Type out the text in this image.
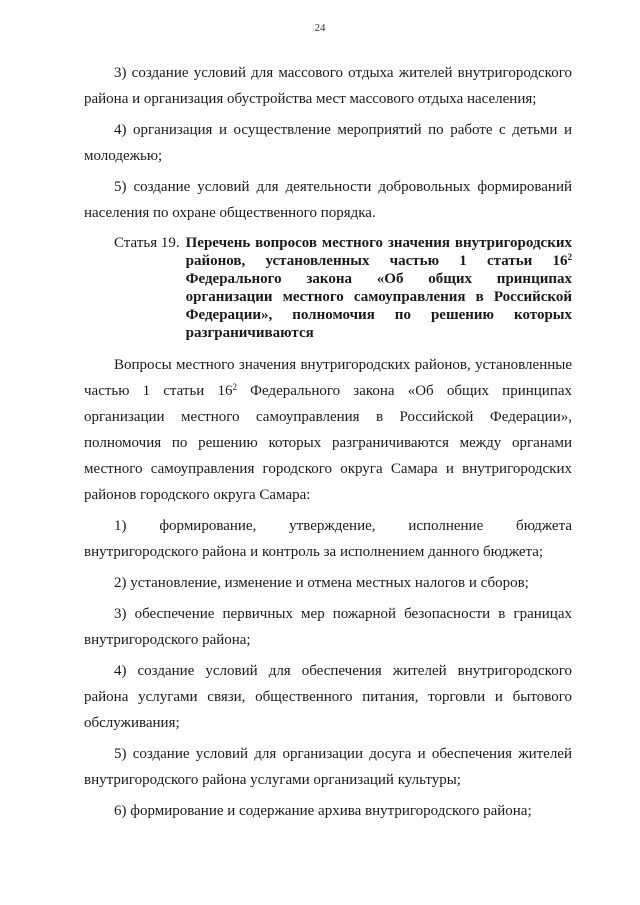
24

3) создание условий для массового отдыха жителей внутригородского района и организация обустройства мест массового отдыха населения;

4) организация и осуществление мероприятий по работе с детьми и молодежью;

5) создание условий для деятельности добровольных формирований населения по охране общественного порядка.

Статья 19. Перечень вопросов местного значения внутригородских районов, установленных частью 1 статьи $16^2$ Федерального закона «Об общих принципах организации местного самоуправления в Российской Федерации», полномочия по решению которых разграничиваются

Вопросы местного значения внутригородских районов, установленные частью 1 статьи $16^2$ Федерального закона «Об общих принципах организации местного самоуправления в Российской Федерации», полномочия по решению которых разграничиваются между органами местного самоуправления городского округа Самара и внутригородских районов городского округа Самара:

1) формирование, утверждение, исполнение бюджета внутригородского района и контроль за исполнением данного бюджета;

2) установление, изменение и отмена местных налогов и сборов;

3) обеспечение первичных мер пожарной безопасности в границах внутригородского района;

4) создание условий для обеспечения жителей внутригородского района услугами связи, общественного питания, торговли и бытового обслуживания;

5) создание условий для организации досуга и обеспечения жителей внутригородского района услугами организаций культуры;

6) формирование и содержание архива внутригородского района;
